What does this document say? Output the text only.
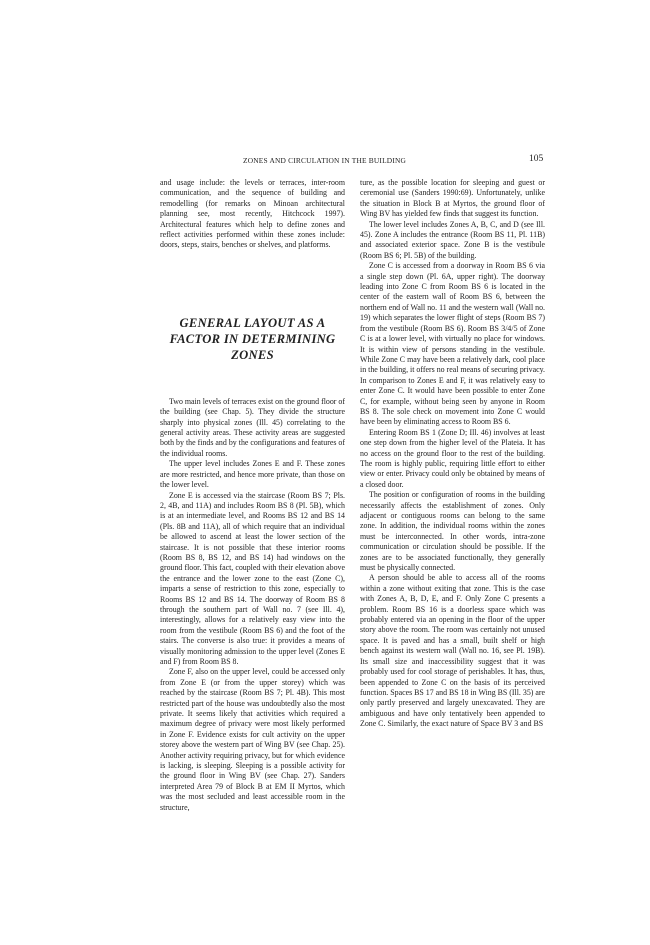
ZONES AND CIRCULATION IN THE BUILDING	105

and usage include: the levels or terraces, inter-room communication, and the sequence of building and remodelling (for remarks on Minoan architectural planning see, most recently, Hitchcock 1997). Architectural features which help to define zones and reflect activities performed within these zones include: doors, steps, stairs, benches or shelves, and platforms.

GENERAL LAYOUT AS A FACTOR IN DETERMINING ZONES

Two main levels of terraces exist on the ground floor of the building (see Chap. 5). They divide the structure sharply into physical zones (Ill. 45) correlating to the general activity areas. These activity areas are suggested both by the finds and by the configurations and features of the individual rooms.

The upper level includes Zones E and F. These zones are more restricted, and hence more private, than those on the lower level.

Zone E is accessed via the staircase (Room BS 7; Pls. 2, 4B, and 11A) and includes Room BS 8 (Pl. 5B), which is at an intermediate level, and Rooms BS 12 and BS 14 (Pls. 8B and 11A), all of which require that an individual be allowed to ascend at least the lower section of the staircase. It is not possible that these interior rooms (Room BS 8, BS 12, and BS 14) had windows on the ground floor. This fact, coupled with their elevation above the entrance and the lower zone to the east (Zone C), imparts a sense of restriction to this zone, especially to Rooms BS 12 and BS 14. The doorway of Room BS 8 through the southern part of Wall no. 7 (see Ill. 4), interestingly, allows for a relatively easy view into the room from the vestibule (Room BS 6) and the foot of the stairs. The converse is also true: it provides a means of visually monitoring admission to the upper level (Zones E and F) from Room BS 8.

Zone F, also on the upper level, could be accessed only from Zone E (or from the upper storey) which was reached by the staircase (Room BS 7; Pl. 4B). This most restricted part of the house was undoubtedly also the most private. It seems likely that activities which required a maximum degree of privacy were most likely performed in Zone F. Evidence exists for cult activity on the upper storey above the western part of Wing BV (see Chap. 25). Another activity requiring privacy, but for which evidence is lacking, is sleeping. Sleeping is a possible activity for the ground floor in Wing BV (see Chap. 27). Sanders interpreted Area 79 of Block B at EM II Myrtos, which was the most secluded and least accessible room in the structure,

ture, as the possible location for sleeping and guest or ceremonial use (Sanders 1990:69). Unfortunately, unlike the situation in Block B at Myrtos, the ground floor of Wing BV has yielded few finds that suggest its function.

The lower level includes Zones A, B, C, and D (see Ill. 45). Zone A includes the entrance (Room BS 11, Pl. 11B) and associated exterior space. Zone B is the vestibule (Room BS 6; Pl. 5B) of the building.

Zone C is accessed from a doorway in Room BS 6 via a single step down (Pl. 6A, upper right). The doorway leading into Zone C from Room BS 6 is located in the center of the eastern wall of Room BS 6, between the northern end of Wall no. 11 and the western wall (Wall no. 19) which separates the lower flight of steps (Room BS 7) from the vestibule (Room BS 6). Room BS 3/4/5 of Zone C is at a lower level, with virtually no place for windows. It is within view of persons standing in the vestibule. While Zone C may have been a relatively dark, cool place in the building, it offers no real means of securing privacy. In comparison to Zones E and F, it was relatively easy to enter Zone C. It would have been possible to enter Zone C, for example, without being seen by anyone in Room BS 8. The sole check on movement into Zone C would have been by eliminating access to Room BS 6.

Entering Room BS 1 (Zone D; Ill. 46) involves at least one step down from the higher level of the Plateia. It has no access on the ground floor to the rest of the building. The room is highly public, requiring little effort to either view or enter. Privacy could only be obtained by means of a closed door.

The position or configuration of rooms in the building necessarily affects the establishment of zones. Only adjacent or contiguous rooms can belong to the same zone. In addition, the individual rooms within the zones must be interconnected. In other words, intra-zone communication or circulation should be possible. If the zones are to be associated functionally, they generally must be physically connected.

A person should be able to access all of the rooms within a zone without exiting that zone. This is the case with Zones A, B, D, E, and F. Only Zone C presents a problem. Room BS 16 is a doorless space which was probably entered via an opening in the floor of the upper story above the room. The room was certainly not unused space. It is paved and has a small, built shelf or high bench against its western wall (Wall no. 16, see Pl. 19B). Its small size and inaccessibility suggest that it was probably used for cool storage of perishables. It has, thus, been appended to Zone C on the basis of its perceived function. Spaces BS 17 and BS 18 in Wing BS (Ill. 35) are only partly preserved and largely unexcavated. They are ambiguous and have only tentatively been appended to Zone C. Similarly, the exact nature of Space BV 3 and BS
